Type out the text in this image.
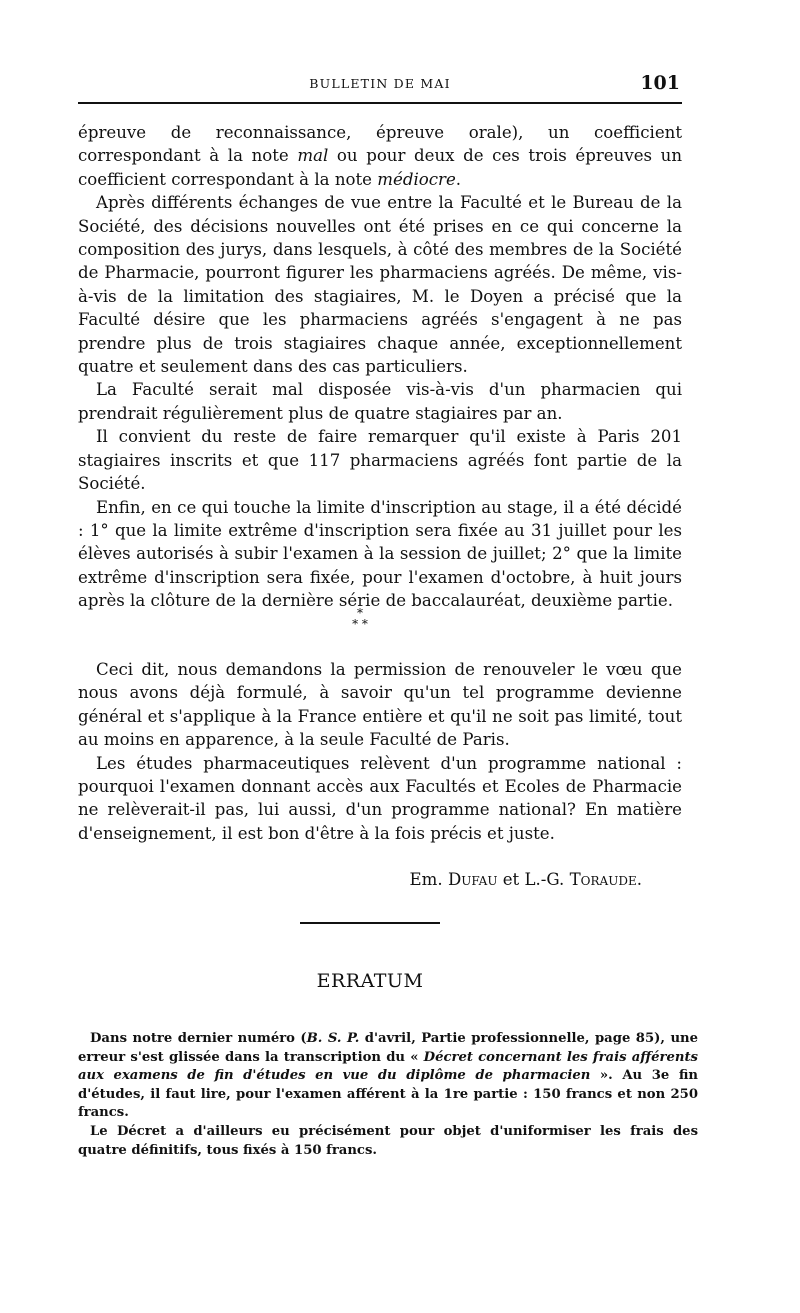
BULLETIN DE MAI	101

épreuve de reconnaissance, épreuve orale), un coefficient correspondant à la note mal ou pour deux de ces trois épreuves un coefficient correspondant à la note médiocre.

Après différents échanges de vue entre la Faculté et le Bureau de la Société, des décisions nouvelles ont été prises en ce qui concerne la composition des jurys, dans lesquels, à côté des membres de la Société de Pharmacie, pourront figurer les pharmaciens agréés. De même, vis-à-vis de la limitation des stagiaires, M. le Doyen a précisé que la Faculté désire que les pharmaciens agréés s'engagent à ne pas prendre plus de trois stagiaires chaque année, exceptionnellement quatre et seulement dans des cas particuliers.

La Faculté serait mal disposée vis-à-vis d'un pharmacien qui prendrait régulièrement plus de quatre stagiaires par an.

Il convient du reste de faire remarquer qu'il existe à Paris 201 stagiaires inscrits et que 117 pharmaciens agréés font partie de la Société.

Enfin, en ce qui touche la limite d'inscription au stage, il a été décidé : 1° que la limite extrême d'inscription sera fixée au 31 juillet pour les élèves autorisés à subir l'examen à la session de juillet; 2° que la limite extrême d'inscription sera fixée, pour l'examen d'octobre, à huit jours après la clôture de la dernière série de baccalauréat, deuxième partie.

*
* *

Ceci dit, nous demandons la permission de renouveler le vœu que nous avons déjà formulé, à savoir qu'un tel programme devienne général et s'applique à la France entière et qu'il ne soit pas limité, tout au moins en apparence, à la seule Faculté de Paris.

Les études pharmaceutiques relèvent d'un programme national : pourquoi l'examen donnant accès aux Facultés et Ecoles de Pharmacie ne relèverait-il pas, lui aussi, d'un programme national? En matière d'enseignement, il est bon d'être à la fois précis et juste.

Em. Dufau et L.-G. Toraude.
ERRATUM

Dans notre dernier numéro (B. S. P. d'avril, Partie professionnelle, page 85), une erreur s'est glissée dans la transcription du « Décret concernant les frais afférents aux examens de fin d'études en vue du diplôme de pharmacien ». Au 3e fin d'études, il faut lire, pour l'examen afférent à la 1re partie : 150 francs et non 250 francs.

Le Décret a d'ailleurs eu précisément pour objet d'uniformiser les frais des quatre définitifs, tous fixés à 150 francs.
